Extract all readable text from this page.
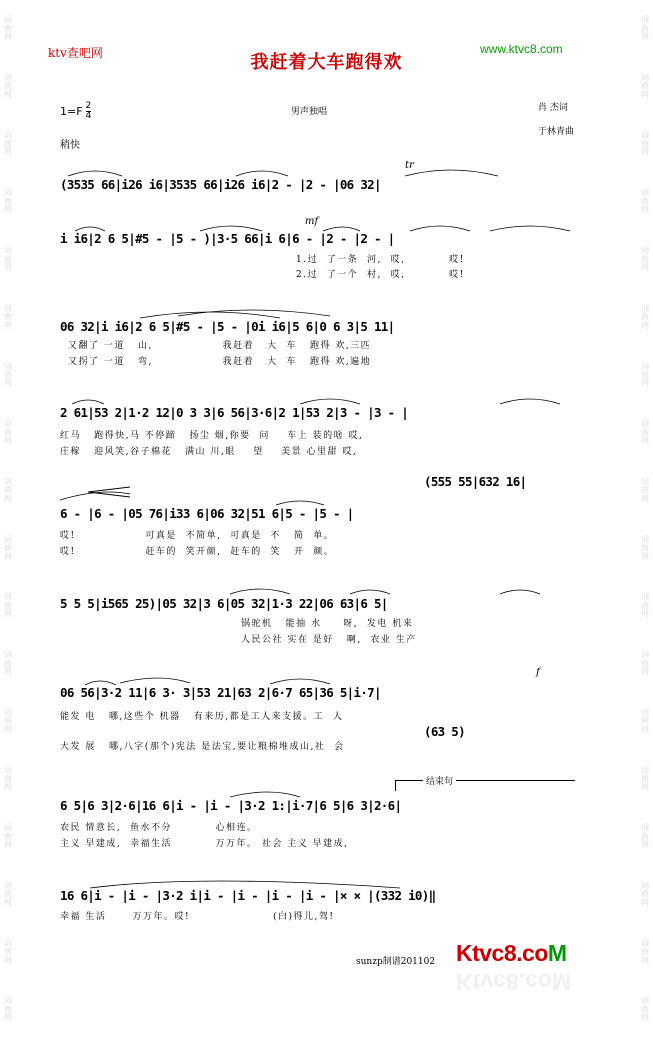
词
曲
网
词
曲
网
词
曲
网
词
曲
网
词
曲
网
词
曲
网
词
曲
网
词
曲
网
词
曲
网
词
曲
网
词
曲
网
词
曲
网
词
曲
网
词
曲
网
词
曲
网
词
曲
网
词
曲
网
词
曲
网
词
曲
网
词
曲
网
词
曲
网
词
曲
网
词
曲
网
词
曲
网
词
曲
网
词
曲
网
词
曲
网
词
曲
网
词
曲
网
词
曲
网
词
曲
网
词
曲
网
词
曲
网
词
曲
网
词
曲
网
词
曲
网
ktv查吧网	www.ktvc8.com
我赶着大车跑得欢
$1=F \frac{2}{4}$	男声独唱	肖 杰词
于林青曲
稍快
(3535 66|i26 i6|3535 66|i26 i6|2 - |2 - |06 32|
tr
i i6|2 6 5|#5 - |5 - )|3·5 66|i 6|6 - |2 - |2 - |
1.过  了一条  河,  哎,          哎!
2.过  了一个  村,  哎,          哎!
mf
06 32|i i6|2 6 5|#5 - |5 - |0i i6|5 6|0 6 3|5 11|
又翻了 一道   山,                我赶着   大  车   跑得 欢,三匹
又拐了 一道   弯,                我赶着   大  车   跑得 欢,遍地
2 61|53 2|1·2 12|0 3 3|6 56|3·6|2 1|53 2|3 - |3 - |
红马   跑得快,马 不停蹄   扬尘 烟,你要  问    车上 装的啥 哎,
庄稼   迎风笑,谷子棉花   满山 川,眼    望    美景 心里甜 哎,
(555 55|632 16|
6 - |6 - |05 76|i33 6|06 32|51 6|5 - |5 - |
哎!                可真是  不简单,  可真是  不   简  单。
哎!                赶车的  笑开颜,  赶车的  笑   开  颜。
5 5 5|i565 25)|05 32|3 6|05 32|1·3 22|06 63|6 5|
锅驼机   能抽 水     呀,  发电 机来
人民公社 实在 是好   啊,  农业 生产
06 56|3·2 11|6 3· 3|53 21|63 2|6·7 65|36 5|i·7|
能发 电   哪,这些个 机器   有来历,都是工人来支援。工  人
(63 5)
大发 展   哪,八字(那个)宪法 是法宝,要让粮棉堆成山,社  会
f
结束句
6 5|6 3|2·6|16 6|i - |i - |3·2 1:|i·7|6 5|6 3|2·6|
农民 情意长,  鱼水不分          心相连。
主义 早建成,  幸福生活          万万年。 社会 主义 早建成,
16 6|i - |i - |3·2 i|i - |i - |i - |i - |× × |(332 i0)‖
幸福 生活      万万年。哎!                   (白)得儿,驾!
sunzp制谱201102 Ktvc8.coM
Ktvc8.coM
